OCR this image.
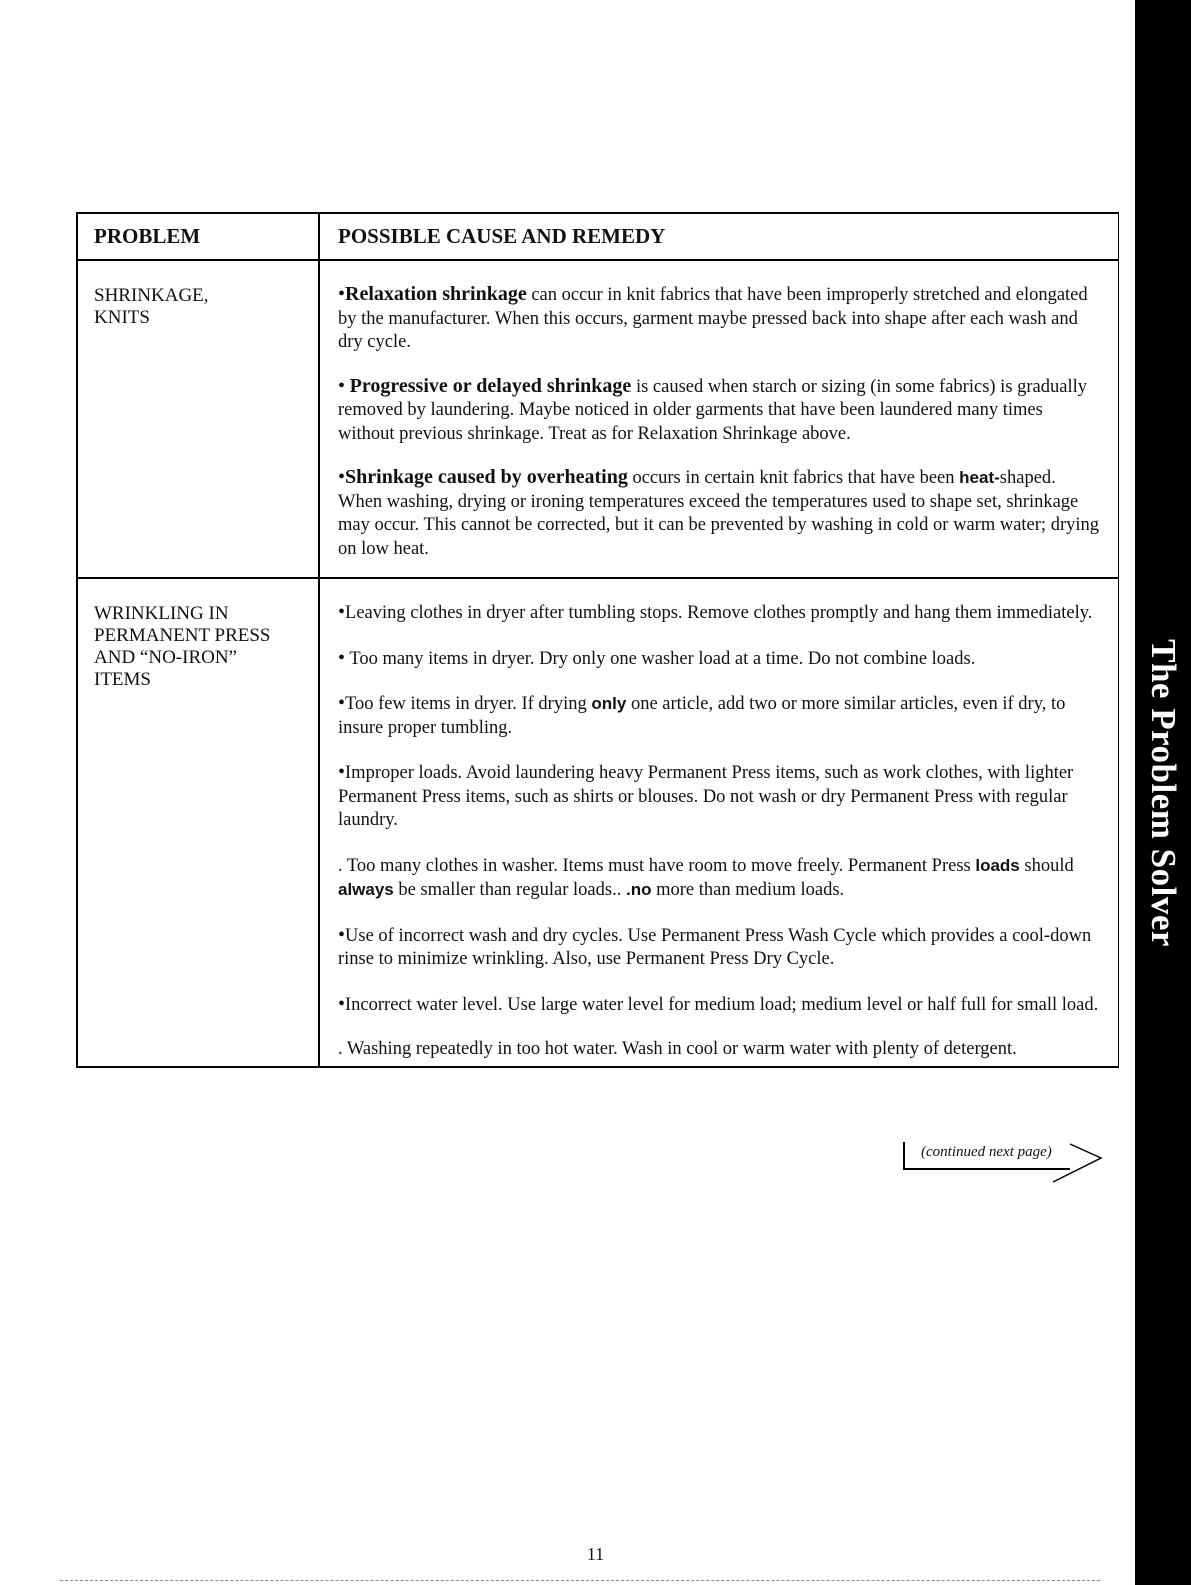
The Problem Solver
PROBLEM	POSSIBLE CAUSE AND REMEDY
SHRINKAGE,
KNITS

•Relaxation shrinkage can occur in knit fabrics that have been improperly stretched and elongated by the manufacturer. When this occurs, garment maybe pressed back into shape after each wash and dry cycle.

• Progressive or delayed shrinkage is caused when starch or sizing (in some fabrics) is gradually removed by laundering. Maybe noticed in older garments that have been laundered many times without previous shrinkage. Treat as for Relaxation Shrinkage above.

•Shrinkage caused by overheating occurs in certain knit fabrics that have been heat-shaped. When washing, drying or ironing temperatures exceed the temperatures used to shape set, shrinkage may occur. This cannot be corrected, but it can be prevented by washing in cold or warm water; drying on low heat.

WRINKLING IN
PERMANENT PRESS
AND “NO-IRON”
ITEMS

•Leaving clothes in dryer after tumbling stops. Remove clothes promptly and hang them immediately.

• Too many items in dryer. Dry only one washer load at a time. Do not combine loads.

•Too few items in dryer. If drying only one article, add two or more similar articles, even if dry, to insure proper tumbling.

•Improper loads. Avoid laundering heavy Permanent Press items, such as work clothes, with lighter Permanent Press items, such as shirts or blouses. Do not wash or dry Permanent Press with regular laundry.

. Too many clothes in washer. Items must have room to move freely. Permanent Press loads should always be smaller than regular loads.. .no more than medium loads.

•Use of incorrect wash and dry cycles. Use Permanent Press Wash Cycle which provides a cool-down rinse to minimize wrinkling. Also, use Permanent Press Dry Cycle.

•Incorrect water level. Use large water level for medium load; medium level or half full for small load.

. Washing repeatedly in too hot water. Wash in cool or warm water with plenty of detergent.

(continued next page)
11
